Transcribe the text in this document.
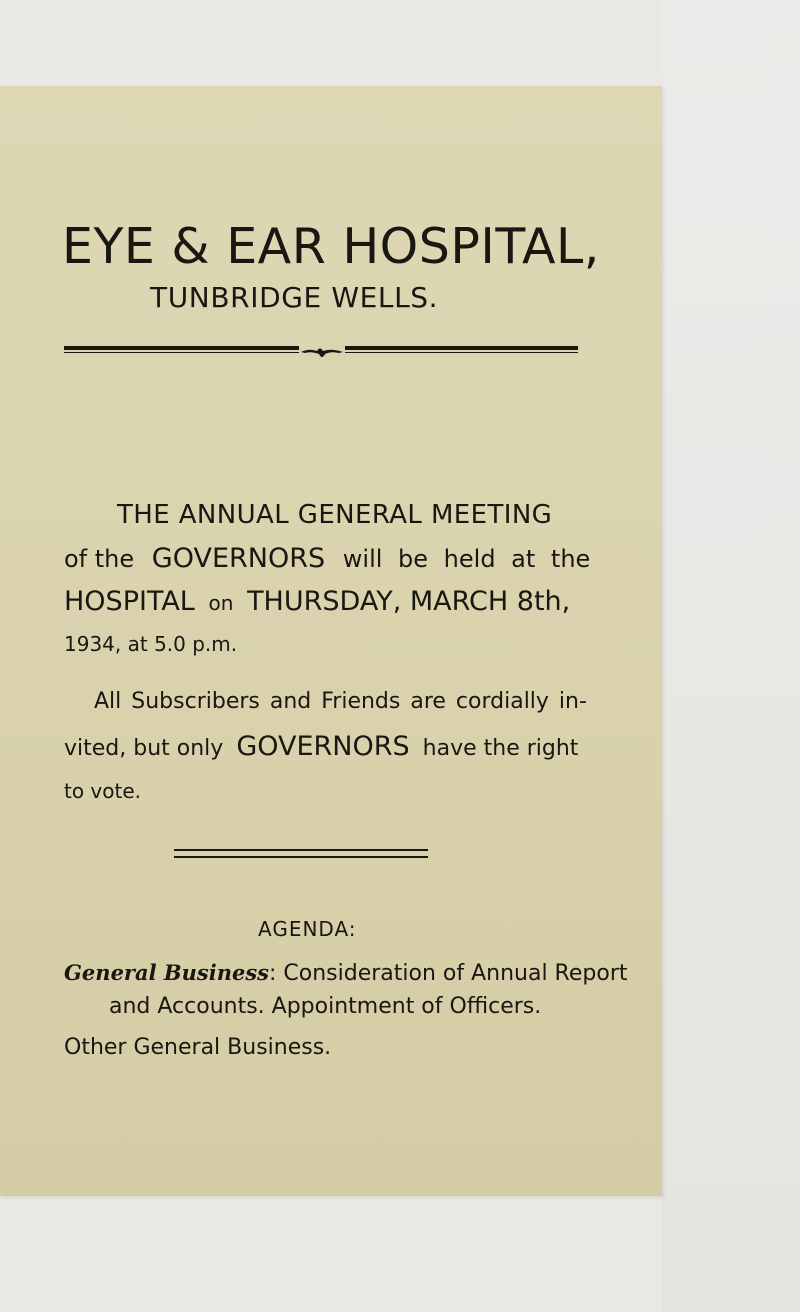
EYE & EAR HOSPITAL,
TUNBRIDGE WELLS.

THE ANNUAL GENERAL MEETING

of the GOVERNORS will be held at the

HOSPITAL on THURSDAY, MARCH 8th,

1934, at 5.0 p.m.

All Subscribers and Friends are cordially in-

vited, but only GOVERNORS have the right

to vote.

AGENDA:
General Business: Consideration of Annual Report
and Accounts. Appointment of Officers.
Other General Business.
